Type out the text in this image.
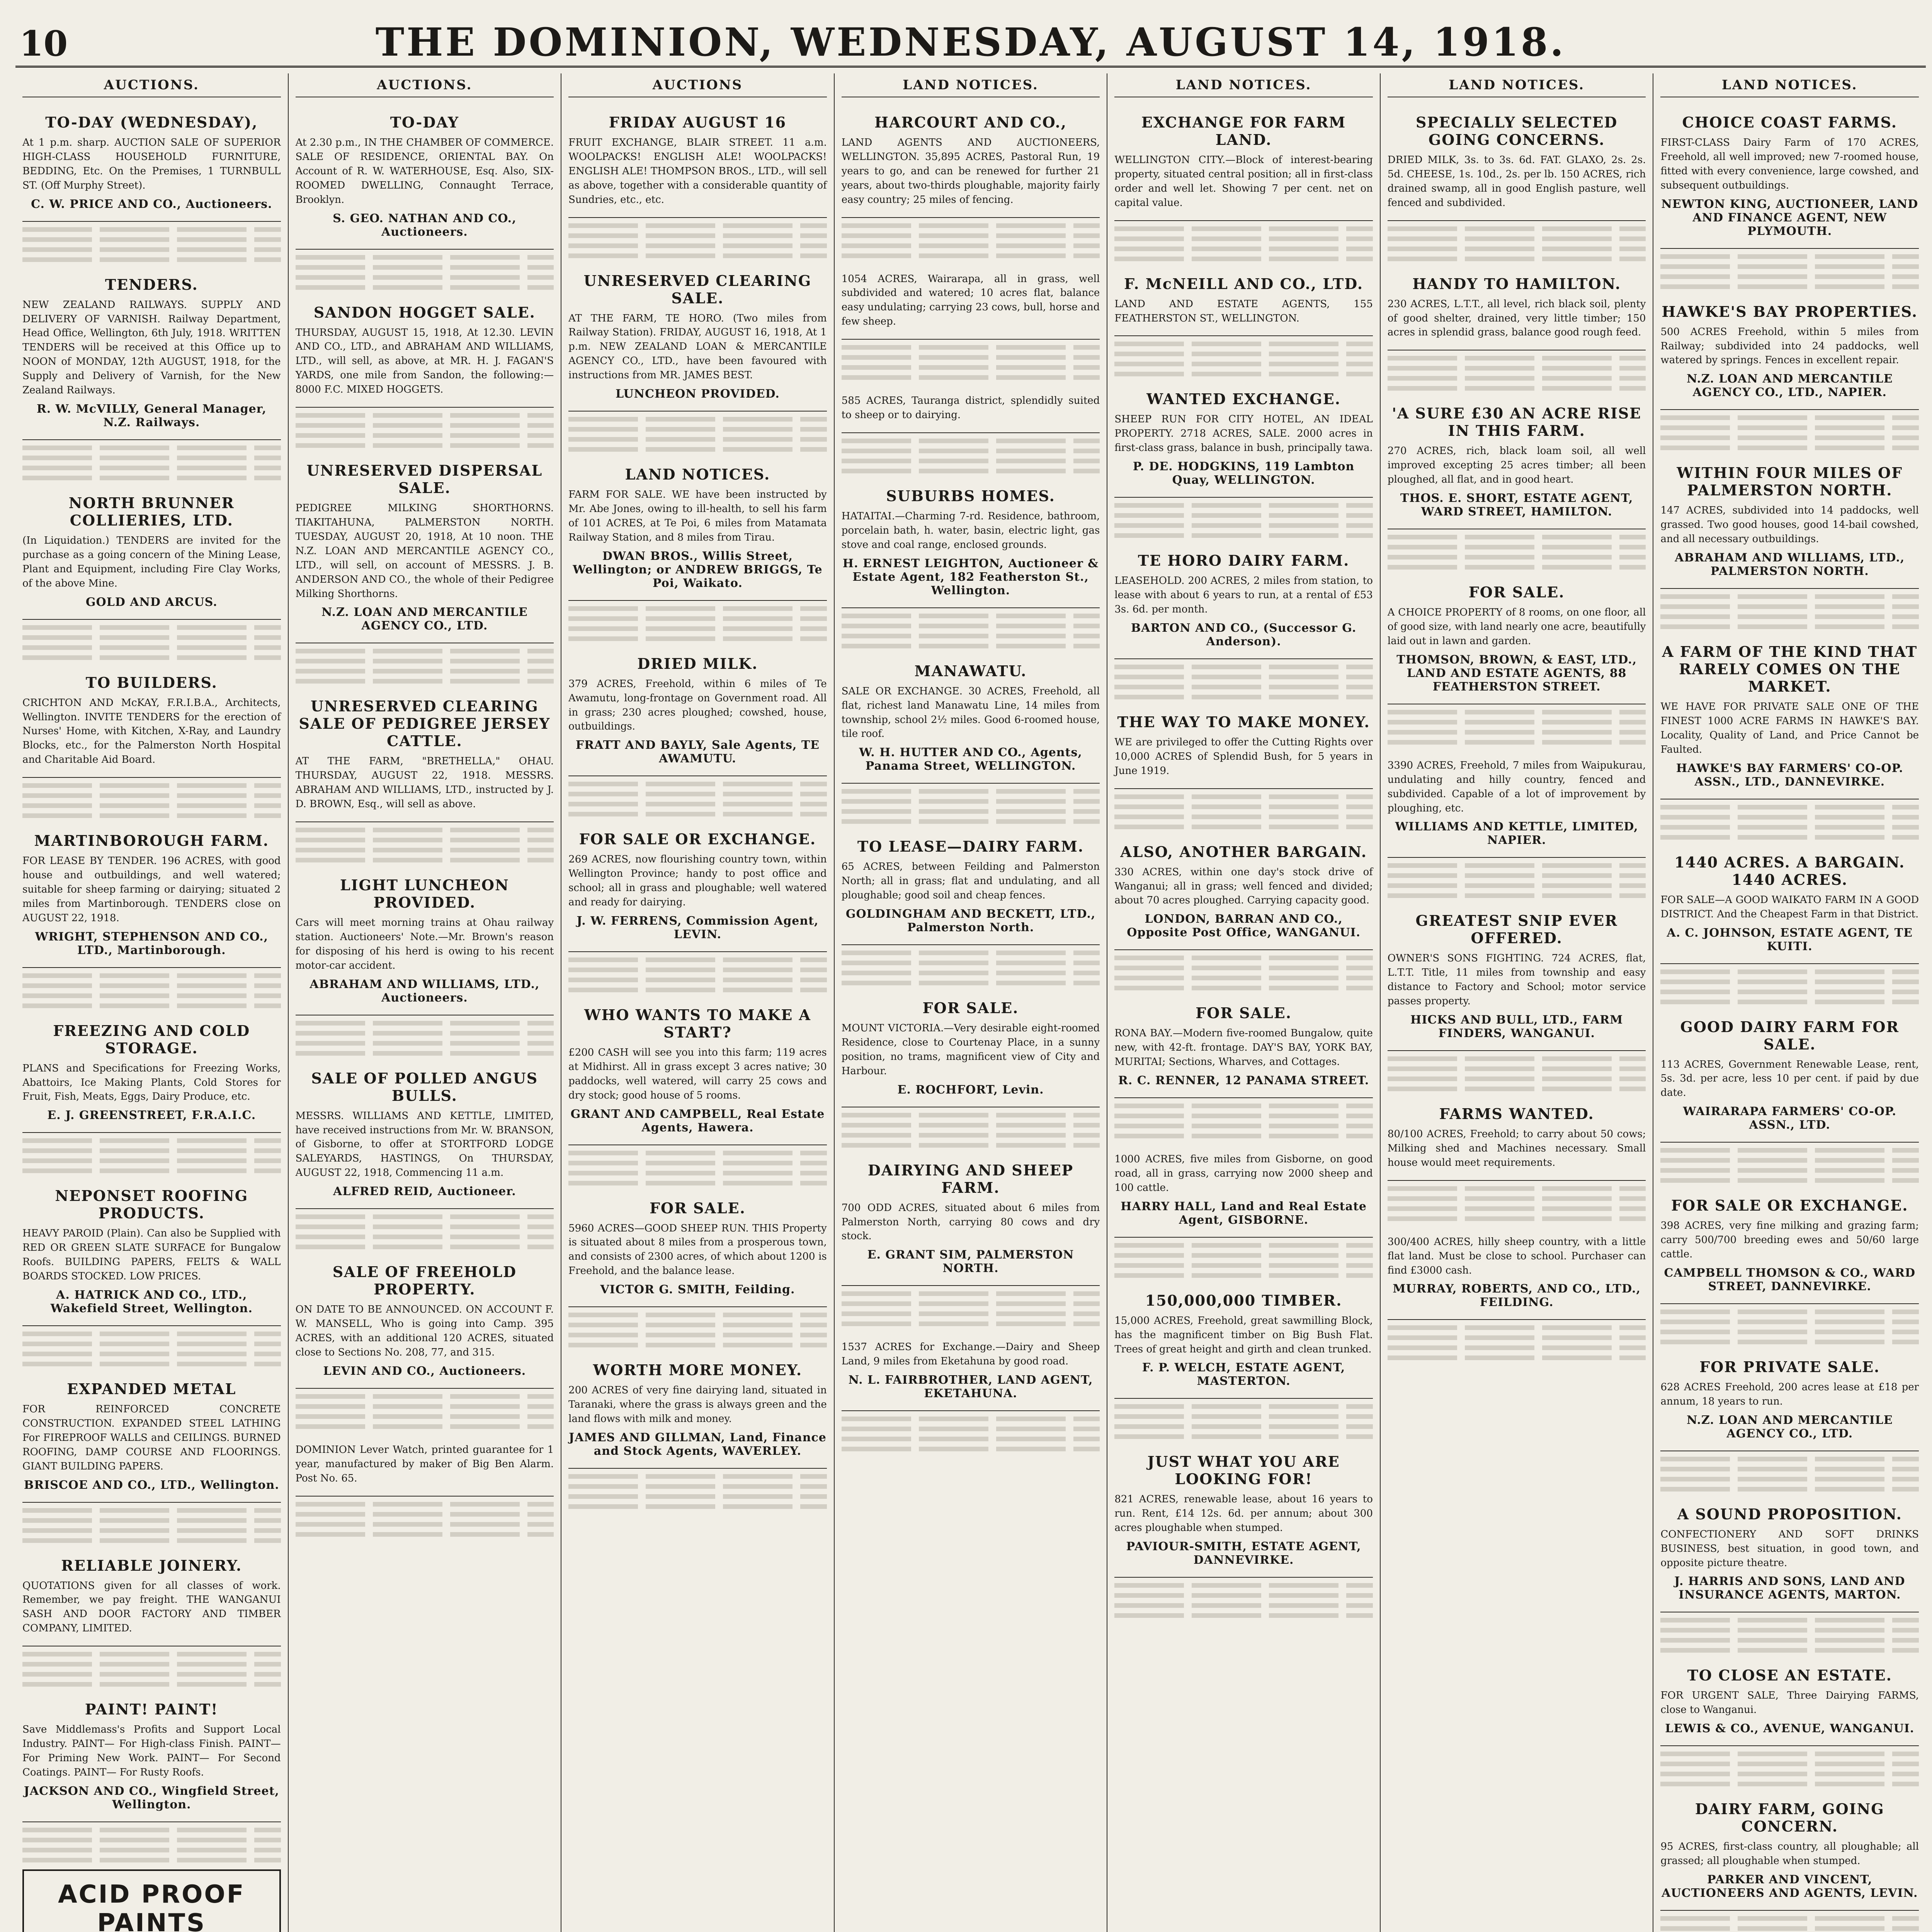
10	THE DOMINION, WEDNESDAY, AUGUST 14, 1918.
AUCTIONS.
TO-DAY (WEDNESDAY),

At 1 p.m. sharp. AUCTION SALE OF SUPERIOR HIGH-CLASS HOUSEHOLD FURNITURE, BEDDING, Etc. On the Premises, 1 TURNBULL ST. (Off Murphy Street).

C. W. PRICE AND CO., Auctioneers.
TENDERS.

NEW ZEALAND RAILWAYS. SUPPLY AND DELIVERY OF VARNISH. Railway Department, Head Office, Wellington, 6th July, 1918. WRITTEN TENDERS will be received at this Office up to NOON of MONDAY, 12th AUGUST, 1918, for the Supply and Delivery of Varnish, for the New Zealand Railways.

R. W. McVILLY, General Manager, N.Z. Railways.
NORTH BRUNNER COLLIERIES, LTD.

(In Liquidation.) TENDERS are invited for the purchase as a going concern of the Mining Lease, Plant and Equipment, including Fire Clay Works, of the above Mine.

GOLD AND ARCUS.
TO BUILDERS.

CRICHTON AND McKAY, F.R.I.B.A., Architects, Wellington. INVITE TENDERS for the erection of Nurses' Home, with Kitchen, X-Ray, and Laundry Blocks, etc., for the Palmerston North Hospital and Charitable Aid Board.

MARTINBOROUGH FARM.

FOR LEASE BY TENDER. 196 ACRES, with good house and outbuildings, and well watered; suitable for sheep farming or dairying; situated 2 miles from Martinborough. TENDERS close on AUGUST 22, 1918.

WRIGHT, STEPHENSON AND CO., LTD., Martinborough.
FREEZING AND COLD STORAGE.

PLANS and Specifications for Freezing Works, Abattoirs, Ice Making Plants, Cold Stores for Fruit, Fish, Meats, Eggs, Dairy Produce, etc.

E. J. GREENSTREET, F.R.A.I.C.
NEPONSET ROOFING PRODUCTS.

HEAVY PAROID (Plain). Can also be Supplied with RED OR GREEN SLATE SURFACE for Bungalow Roofs. BUILDING PAPERS, FELTS & WALL BOARDS STOCKED. LOW PRICES.

A. HATRICK AND CO., LTD., Wakefield Street, Wellington.
EXPANDED METAL

FOR REINFORCED CONCRETE CONSTRUCTION. EXPANDED STEEL LATHING For FIREPROOF WALLS and CEILINGS. BURNED ROOFING, DAMP COURSE AND FLOORINGS. GIANT BUILDING PAPERS.

BRISCOE AND CO., LTD., Wellington.
RELIABLE JOINERY.

QUOTATIONS given for all classes of work. Remember, we pay freight. THE WANGANUI SASH AND DOOR FACTORY AND TIMBER COMPANY, LIMITED.

PAINT! PAINT!

Save Middlemass's Profits and Support Local Industry. PAINT— For High-class Finish. PAINT— For Priming New Work. PAINT— For Second Coatings. PAINT— For Rusty Roofs.

JACKSON AND CO., Wingfield Street, Wellington.
ACID PROOF PAINTS
AUCTIONS.
TO-DAY

At 2.30 p.m., IN THE CHAMBER OF COMMERCE. SALE OF RESIDENCE, ORIENTAL BAY. On Account of R. W. WATERHOUSE, Esq. Also, SIX-ROOMED DWELLING, Connaught Terrace, Brooklyn.

S. GEO. NATHAN AND CO., Auctioneers.
SANDON HOGGET SALE.

THURSDAY, AUGUST 15, 1918, At 12.30. LEVIN AND CO., LTD., and ABRAHAM AND WILLIAMS, LTD., will sell, as above, at MR. H. J. FAGAN'S YARDS, one mile from Sandon, the following:— 8000 F.C. MIXED HOGGETS.

UNRESERVED DISPERSAL SALE.

PEDIGREE MILKING SHORTHORNS. TIAKITAHUNA, PALMERSTON NORTH. TUESDAY, AUGUST 20, 1918, At 10 noon. THE N.Z. LOAN AND MERCANTILE AGENCY CO., LTD., will sell, on account of MESSRS. J. B. ANDERSON AND CO., the whole of their Pedigree Milking Shorthorns.

N.Z. LOAN AND MERCANTILE AGENCY CO., LTD.
UNRESERVED CLEARING SALE OF PEDIGREE JERSEY CATTLE.

AT THE FARM, "BRETHELLA," OHAU. THURSDAY, AUGUST 22, 1918. MESSRS. ABRAHAM AND WILLIAMS, LTD., instructed by J. D. BROWN, Esq., will sell as above.

LIGHT LUNCHEON PROVIDED.

Cars will meet morning trains at Ohau railway station. Auctioneers' Note.—Mr. Brown's reason for disposing of his herd is owing to his recent motor-car accident.

ABRAHAM AND WILLIAMS, LTD., Auctioneers.
SALE OF POLLED ANGUS BULLS.

MESSRS. WILLIAMS AND KETTLE, LIMITED, have received instructions from Mr. W. BRANSON, of Gisborne, to offer at STORTFORD LODGE SALEYARDS, HASTINGS, On THURSDAY, AUGUST 22, 1918, Commencing 11 a.m.

ALFRED REID, Auctioneer.
SALE OF FREEHOLD PROPERTY.

ON DATE TO BE ANNOUNCED. ON ACCOUNT F. W. MANSELL, Who is going into Camp. 395 ACRES, with an additional 120 ACRES, situated close to Sections No. 208, 77, and 315.

LEVIN AND CO., Auctioneers.

DOMINION Lever Watch, printed guarantee for 1 year, manufactured by maker of Big Ben Alarm. Post No. 65.

AUCTIONS
FRIDAY AUGUST 16

FRUIT EXCHANGE, BLAIR STREET. 11 a.m. WOOLPACKS! ENGLISH ALE! WOOLPACKS! ENGLISH ALE! THOMPSON BROS., LTD., will sell as above, together with a considerable quantity of Sundries, etc., etc.

UNRESERVED CLEARING SALE.

AT THE FARM, TE HORO. (Two miles from Railway Station). FRIDAY, AUGUST 16, 1918, At 1 p.m. NEW ZEALAND LOAN & MERCANTILE AGENCY CO., LTD., have been favoured with instructions from MR. JAMES BEST.

LUNCHEON PROVIDED.
LAND NOTICES.

FARM FOR SALE. WE have been instructed by Mr. Abe Jones, owing to ill-health, to sell his farm of 101 ACRES, at Te Poi, 6 miles from Matamata Railway Station, and 8 miles from Tirau.

DWAN BROS., Willis Street, Wellington; or ANDREW BRIGGS, Te Poi, Waikato.
DRIED MILK.

379 ACRES, Freehold, within 6 miles of Te Awamutu, long-frontage on Government road. All in grass; 230 acres ploughed; cowshed, house, outbuildings.

FRATT AND BAYLY, Sale Agents, TE AWAMUTU.
FOR SALE OR EXCHANGE.

269 ACRES, now flourishing country town, within Wellington Province; handy to post office and school; all in grass and ploughable; well watered and ready for dairying.

J. W. FERRENS, Commission Agent, LEVIN.
WHO WANTS TO MAKE A START?

£200 CASH will see you into this farm; 119 acres at Midhirst. All in grass except 3 acres native; 30 paddocks, well watered, will carry 25 cows and dry stock; good house of 5 rooms.

GRANT AND CAMPBELL, Real Estate Agents, Hawera.
FOR SALE.

5960 ACRES—GOOD SHEEP RUN. THIS Property is situated about 8 miles from a prosperous town, and consists of 2300 acres, of which about 1200 is Freehold, and the balance lease.

VICTOR G. SMITH, Feilding.
WORTH MORE MONEY.

200 ACRES of very fine dairying land, situated in Taranaki, where the grass is always green and the land flows with milk and money.

JAMES AND GILLMAN, Land, Finance and Stock Agents, WAVERLEY.
LAND NOTICES.
HARCOURT AND CO.,

LAND AGENTS AND AUCTIONEERS, WELLINGTON. 35,895 ACRES, Pastoral Run, 19 years to go, and can be renewed for further 21 years, about two-thirds ploughable, majority fairly easy country; 25 miles of fencing.

1054 ACRES, Wairarapa, all in grass, well subdivided and watered; 10 acres flat, balance easy undulating; carrying 23 cows, bull, horse and few sheep.

585 ACRES, Tauranga district, splendidly suited to sheep or to dairying.

SUBURBS HOMES.

HATAITAI.—Charming 7-rd. Residence, bathroom, porcelain bath, h. water, basin, electric light, gas stove and coal range, enclosed grounds.

H. ERNEST LEIGHTON, Auctioneer & Estate Agent, 182 Featherston St., Wellington.
MANAWATU.

SALE OR EXCHANGE. 30 ACRES, Freehold, all flat, richest land Manawatu Line, 14 miles from township, school 2½ miles. Good 6-roomed house, tile roof.

W. H. HUTTER AND CO., Agents, Panama Street, WELLINGTON.
TO LEASE—DAIRY FARM.

65 ACRES, between Feilding and Palmerston North; all in grass; flat and undulating, and all ploughable; good soil and cheap fences.

GOLDINGHAM AND BECKETT, LTD., Palmerston North.
FOR SALE.

MOUNT VICTORIA.—Very desirable eight-roomed Residence, close to Courtenay Place, in a sunny position, no trams, magnificent view of City and Harbour.

E. ROCHFORT, Levin.
DAIRYING AND SHEEP FARM.

700 ODD ACRES, situated about 6 miles from Palmerston North, carrying 80 cows and dry stock.

E. GRANT SIM, PALMERSTON NORTH.

1537 ACRES for Exchange.—Dairy and Sheep Land, 9 miles from Eketahuna by good road.

N. L. FAIRBROTHER, LAND AGENT, EKETAHUNA.
LAND NOTICES.
EXCHANGE FOR FARM LAND.

WELLINGTON CITY.—Block of interest-bearing property, situated central position; all in first-class order and well let. Showing 7 per cent. net on capital value.

F. McNEILL AND CO., LTD.

LAND AND ESTATE AGENTS, 155 FEATHERSTON ST., WELLINGTON.

WANTED EXCHANGE.

SHEEP RUN FOR CITY HOTEL, AN IDEAL PROPERTY. 2718 ACRES, SALE. 2000 acres in first-class grass, balance in bush, principally tawa.

P. DE. HODGKINS, 119 Lambton Quay, WELLINGTON.
TE HORO DAIRY FARM.

LEASEHOLD. 200 ACRES, 2 miles from station, to lease with about 6 years to run, at a rental of £53 3s. 6d. per month.

BARTON AND CO., (Successor G. Anderson).
THE WAY TO MAKE MONEY.

WE are privileged to offer the Cutting Rights over 10,000 ACRES of Splendid Bush, for 5 years in June 1919.

ALSO, ANOTHER BARGAIN.

330 ACRES, within one day's stock drive of Wanganui; all in grass; well fenced and divided; about 70 acres ploughed. Carrying capacity good.

LONDON, BARRAN AND CO., Opposite Post Office, WANGANUI.
FOR SALE.

RONA BAY.—Modern five-roomed Bungalow, quite new, with 42-ft. frontage. DAY'S BAY, YORK BAY, MURITAI; Sections, Wharves, and Cottages.

R. C. RENNER, 12 PANAMA STREET.

1000 ACRES, five miles from Gisborne, on good road, all in grass, carrying now 2000 sheep and 100 cattle.

HARRY HALL, Land and Real Estate Agent, GISBORNE.
150,000,000 TIMBER.

15,000 ACRES, Freehold, great sawmilling Block, has the magnificent timber on Big Bush Flat. Trees of great height and girth and clean trunked.

F. P. WELCH, ESTATE AGENT, MASTERTON.
JUST WHAT YOU ARE LOOKING FOR!

821 ACRES, renewable lease, about 16 years to run. Rent, £14 12s. 6d. per annum; about 300 acres ploughable when stumped.

PAVIOUR-SMITH, ESTATE AGENT, DANNEVIRKE.
LAND NOTICES.
SPECIALLY SELECTED GOING CONCERNS.

DRIED MILK, 3s. to 3s. 6d. FAT. GLAXO, 2s. 2s. 5d. CHEESE, 1s. 10d., 2s. per lb. 150 ACRES, rich drained swamp, all in good English pasture, well fenced and subdivided.

HANDY TO HAMILTON.

230 ACRES, L.T.T., all level, rich black soil, plenty of good shelter, drained, very little timber; 150 acres in splendid grass, balance good rough feed.

'A SURE £30 AN ACRE RISE IN THIS FARM.

270 ACRES, rich, black loam soil, all well improved excepting 25 acres timber; all been ploughed, all flat, and in good heart.

THOS. E. SHORT, ESTATE AGENT, WARD STREET, HAMILTON.
FOR SALE.

A CHOICE PROPERTY of 8 rooms, on one floor, all of good size, with land nearly one acre, beautifully laid out in lawn and garden.

THOMSON, BROWN, & EAST, LTD., LAND AND ESTATE AGENTS, 88 FEATHERSTON STREET.

3390 ACRES, Freehold, 7 miles from Waipukurau, undulating and hilly country, fenced and subdivided. Capable of a lot of improvement by ploughing, etc.

WILLIAMS AND KETTLE, LIMITED, NAPIER.
GREATEST SNIP EVER OFFERED.

OWNER'S SONS FIGHTING. 724 ACRES, flat, L.T.T. Title, 11 miles from township and easy distance to Factory and School; motor service passes property.

HICKS AND BULL, LTD., FARM FINDERS, WANGANUI.
FARMS WANTED.

80/100 ACRES, Freehold; to carry about 50 cows; Milking shed and Machines necessary. Small house would meet requirements.

300/400 ACRES, hilly sheep country, with a little flat land. Must be close to school. Purchaser can find £3000 cash.

MURRAY, ROBERTS, AND CO., LTD., FEILDING.
LAND NOTICES.
CHOICE COAST FARMS.

FIRST-CLASS Dairy Farm of 170 ACRES, Freehold, all well improved; new 7-roomed house, fitted with every convenience, large cowshed, and subsequent outbuildings.

NEWTON KING, AUCTIONEER, LAND AND FINANCE AGENT, NEW PLYMOUTH.
HAWKE'S BAY PROPERTIES.

500 ACRES Freehold, within 5 miles from Railway; subdivided into 24 paddocks, well watered by springs. Fences in excellent repair.

N.Z. LOAN AND MERCANTILE AGENCY CO., LTD., NAPIER.
WITHIN FOUR MILES OF PALMERSTON NORTH.

147 ACRES, subdivided into 14 paddocks, well grassed. Two good houses, good 14-bail cowshed, and all necessary outbuildings.

ABRAHAM AND WILLIAMS, LTD., PALMERSTON NORTH.
A FARM OF THE KIND THAT RARELY COMES ON THE MARKET.

WE HAVE FOR PRIVATE SALE ONE OF THE FINEST 1000 ACRE FARMS IN HAWKE'S BAY. Locality, Quality of Land, and Price Cannot be Faulted.

HAWKE'S BAY FARMERS' CO-OP. ASSN., LTD., DANNEVIRKE.
1440 ACRES. A BARGAIN. 1440 ACRES.

FOR SALE—A GOOD WAIKATO FARM IN A GOOD DISTRICT. And the Cheapest Farm in that District.

A. C. JOHNSON, ESTATE AGENT, TE KUITI.
GOOD DAIRY FARM FOR SALE.

113 ACRES, Government Renewable Lease, rent, 5s. 3d. per acre, less 10 per cent. if paid by due date.

WAIRARAPA FARMERS' CO-OP. ASSN., LTD.
FOR SALE OR EXCHANGE.

398 ACRES, very fine milking and grazing farm; carry 500/700 breeding ewes and 50/60 large cattle.

CAMPBELL THOMSON & CO., WARD STREET, DANNEVIRKE.
FOR PRIVATE SALE.

628 ACRES Freehold, 200 acres lease at £18 per annum, 18 years to run.

N.Z. LOAN AND MERCANTILE AGENCY CO., LTD.
A SOUND PROPOSITION.

CONFECTIONERY AND SOFT DRINKS BUSINESS, best situation, in good town, and opposite picture theatre.

J. HARRIS AND SONS, LAND AND INSURANCE AGENTS, MARTON.
TO CLOSE AN ESTATE.

FOR URGENT SALE, Three Dairying FARMS, close to Wanganui.

LEWIS & CO., AVENUE, WANGANUI.
DAIRY FARM, GOING CONCERN.

95 ACRES, first-class country, all ploughable; all grassed; all ploughable when stumped.

PARKER AND VINCENT, AUCTIONEERS AND AGENTS, LEVIN.
